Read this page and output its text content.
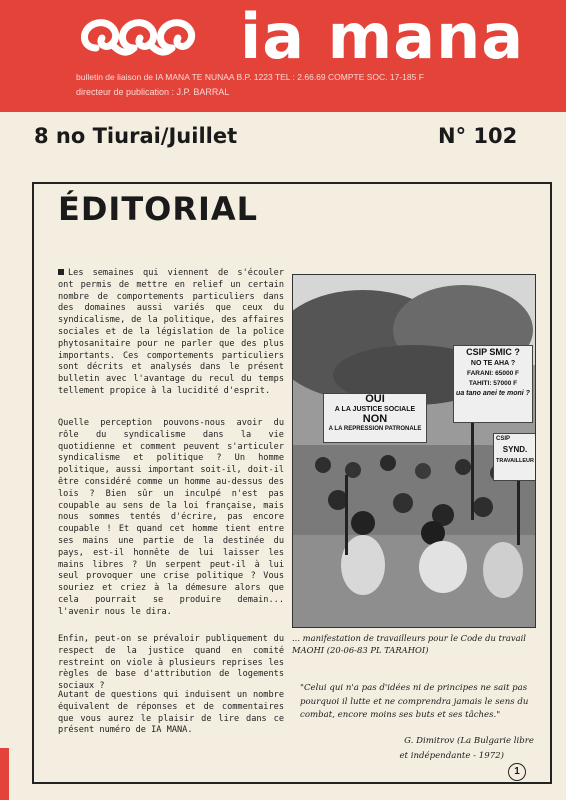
ia mana
bulletin de liaison de IA MANA TE NUNAA B.P. 1223 TEL : 2.66.69 COMPTE SOC. 17-185 F
directeur de publication : J.P. BARRAL
8 no Tiurai/Juillet	N° 102
ÉDITORIAL

Les semaines qui viennent de s'écouler ont permis de mettre en relief un certain nombre de comportements particuliers dans des domaines aussi variés que ceux du syndicalisme, de la politique, des affaires sociales et de la législation de la police phytosanitaire pour ne parler que des plus importants. Ces comportements particuliers sont décrits et analysés dans le présent bulletin avec l'avantage du recul du temps tellement propice à la lucidité d'esprit.

Quelle perception pouvons-nous avoir du rôle du syndicalisme dans la vie quotidienne et comment peuvent s'articuler syndicalisme et politique ? Un homme politique, aussi important soit-il, doit-il être considéré comme un homme au-dessus des lois ? Bien sûr un inculpé n'est pas coupable au sens de la loi française, mais nous sommes tentés d'écrire, pas encore coupable ! Et quand cet homme tient entre ses mains une partie de la destinée du pays, est-il honnête de lui laisser les mains libres ? Un serpent peut-il à lui seul provoquer une crise politique ? Vous souriez et criez à la démesure alors que cela pourrait se produire demain... l'avenir nous le dira.

Enfin, peut-on se prévaloir publiquement du respect de la justice quand en comité restreint on viole à plusieurs reprises les règles de base d'attribution de logements sociaux ?

Autant de questions qui induisent un nombre équivalent de réponses et de commentaires que vous aurez le plaisir de lire dans ce présent numéro de IA MANA.

OUI
A LA JUSTICE SOCIALE
NON
A LA REPRESSION PATRONALE
CSIP SMIC ?
NO TE AHA ?
FARANI: 65000 F
TAHITI: 57000 F
ua tano anei te moni ?
CSIP
SYND.
TRAVAILLEUR
... manifestation de travailleurs pour le Code du travail MAOHI (20-06-83 PL TARAHOI)
"Celui qui n'a pas d'idées ni de principes ne sait pas pourquoi il lutte et ne comprendra jamais le sens du combat, encore moins ses buts et ses tâches."
G. Dimitrov (La Bulgarie libre
et indépendante - 1972)
1
